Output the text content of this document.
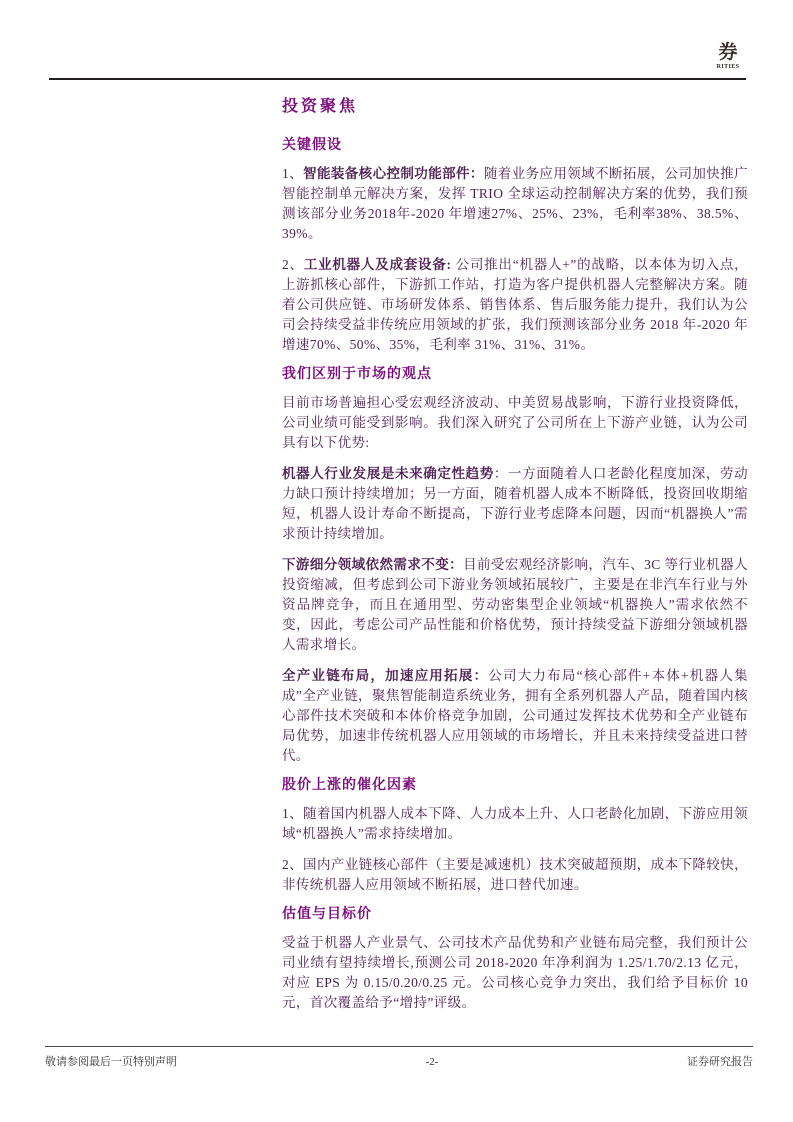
券
RITIES
投资聚焦
关键假设

1、智能装备核心控制功能部件：随着业务应用领域不断拓展，公司加快推广智能控制单元解决方案，发挥 TRIO 全球运动控制解决方案的优势，我们预测该部分业务2018年-2020 年增速27%、25%、23%，毛利率38%、38.5%、39%。

2、工业机器人及成套设备: 公司推出“机器人+”的战略，以本体为切入点，上游抓核心部件，下游抓工作站，打造为客户提供机器人完整解决方案。随着公司供应链、市场研发体系、销售体系、售后服务能力提升，我们认为公司会持续受益非传统应用领域的扩张，我们预测该部分业务 2018 年-2020 年增速70%、50%、35%，毛利率 31%、31%、31%。

我们区别于市场的观点

目前市场普遍担心受宏观经济波动、中美贸易战影响，下游行业投资降低，公司业绩可能受到影响。我们深入研究了公司所在上下游产业链，认为公司具有以下优势:

机器人行业发展是未来确定性趋势：一方面随着人口老龄化程度加深，劳动力缺口预计持续增加；另一方面，随着机器人成本不断降低，投资回收期缩短，机器人设计寿命不断提高，下游行业考虑降本问题，因而“机器换人”需求预计持续增加。

下游细分领域依然需求不变：目前受宏观经济影响，汽车、3C 等行业机器人投资缩减，但考虑到公司下游业务领域拓展较广，主要是在非汽车行业与外资品牌竞争，而且在通用型、劳动密集型企业领域“机器换人”需求依然不变，因此，考虑公司产品性能和价格优势，预计持续受益下游细分领域机器人需求增长。

全产业链布局，加速应用拓展：公司大力布局“核心部件+本体+机器人集成”全产业链，聚焦智能制造系统业务，拥有全系列机器人产品，随着国内核心部件技术突破和本体价格竞争加剧，公司通过发挥技术优势和全产业链布局优势，加速非传统机器人应用领域的市场增长，并且未来持续受益进口替代。

股价上涨的催化因素

1、随着国内机器人成本下降、人力成本上升、人口老龄化加剧，下游应用领域“机器换人”需求持续增加。

2、国内产业链核心部件（主要是减速机）技术突破超预期，成本下降较快，非传统机器人应用领域不断拓展，进口替代加速。

估值与目标价

受益于机器人产业景气、公司技术产品优势和产业链布局完整，我们预计公司业绩有望持续增长,预测公司 2018-2020 年净利润为 1.25/1.70/2.13 亿元，对应 EPS 为 0.15/0.20/0.25 元。公司核心竞争力突出，我们给予目标价 10 元，首次覆盖给予“增持”评级。

敬请参阅最后一页特别声明	-2-	证券研究报告
